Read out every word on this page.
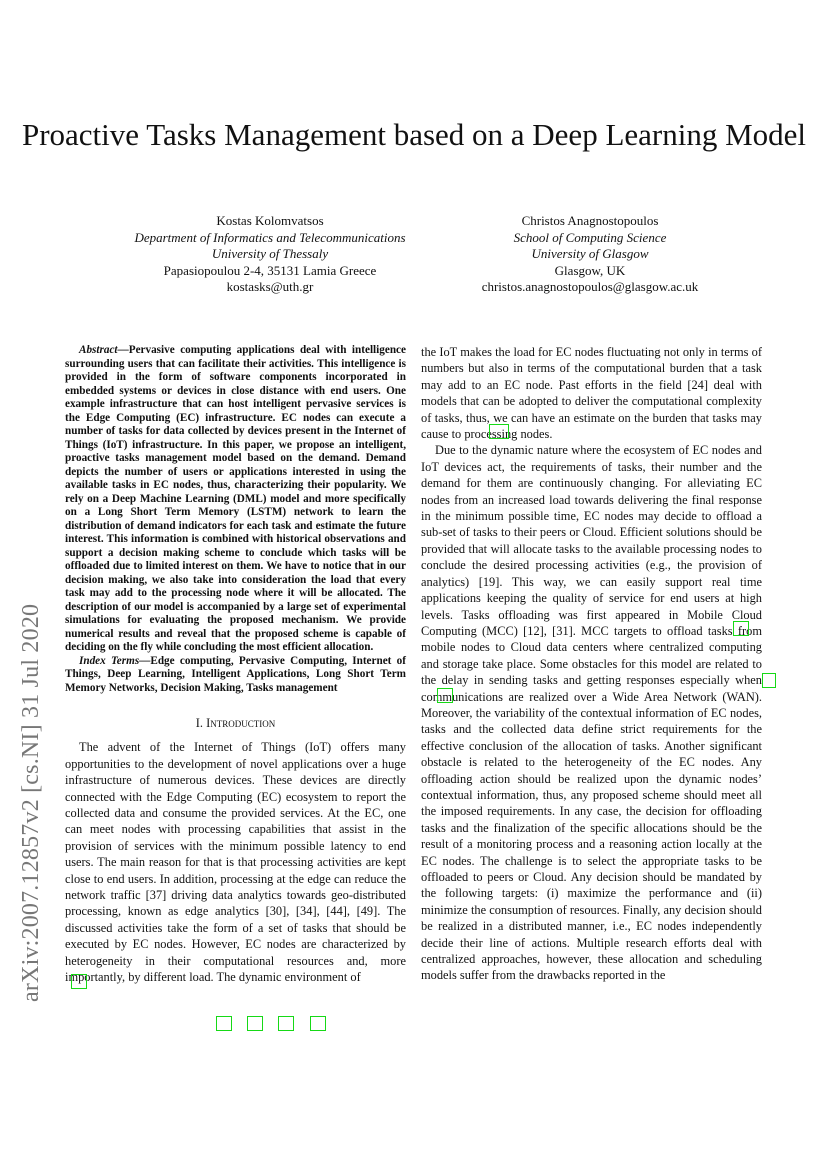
arXiv:2007.12857v2 [cs.NI] 31 Jul 2020
Proactive Tasks Management based on a Deep Learning Model
Kostas Kolomvatsos
Department of Informatics and Telecommunications
University of Thessaly
Papasiopoulou 2-4, 35131 Lamia Greece
kostasks@uth.gr
Christos Anagnostopoulos
School of Computing Science
University of Glasgow
Glasgow, UK
christos.anagnostopoulos@glasgow.ac.uk

Abstract—Pervasive computing applications deal with intelligence surrounding users that can facilitate their activities. This intelligence is provided in the form of software components incorporated in embedded systems or devices in close distance with end users. One example infrastructure that can host intelligent pervasive services is the Edge Computing (EC) infrastructure. EC nodes can execute a number of tasks for data collected by devices present in the Internet of Things (IoT) infrastructure. In this paper, we propose an intelligent, proactive tasks management model based on the demand. Demand depicts the number of users or applications interested in using the available tasks in EC nodes, thus, characterizing their popularity. We rely on a Deep Machine Learning (DML) model and more specifically on a Long Short Term Memory (LSTM) network to learn the distribution of demand indicators for each task and estimate the future interest. This information is combined with historical observations and support a decision making scheme to conclude which tasks will be offloaded due to limited interest on them. We have to notice that in our decision making, we also take into consideration the load that every task may add to the processing node where it will be allocated. The description of our model is accompanied by a large set of experimental simulations for evaluating the proposed mechanism. We provide numerical results and reveal that the proposed scheme is capable of deciding on the fly while concluding the most efficient allocation.

Index Terms—Edge computing, Pervasive Computing, Internet of Things, Deep Learning, Intelligent Applications, Long Short Term Memory Networks, Decision Making, Tasks management

I. Introduction

The advent of the Internet of Things (IoT) offers many opportunities to the development of novel applications over a huge infrastructure of numerous devices. These devices are directly connected with the Edge Computing (EC) ecosystem to report the collected data and consume the provided services. At the EC, one can meet nodes with processing capabilities that assist in the provision of services with the minimum possible latency to end users. The main reason for that is that processing activities are kept close to end users. In addition, processing at the edge can reduce the network traffic [37] driving data analytics towards geo-distributed processing, known as edge analytics [30], [34], [44], [49]. The discussed activities take the form of a set of tasks that should be executed by EC nodes. However, EC nodes are characterized by heterogeneity in their computational resources and, more importantly, by different load. The dynamic environment of

the IoT makes the load for EC nodes fluctuating not only in terms of numbers but also in terms of the computational burden that a task may add to an EC node. Past efforts in the field [24] deal with models that can be adopted to deliver the computational complexity of tasks, thus, we can have an estimate on the burden that tasks may cause to processing nodes.

Due to the dynamic nature where the ecosystem of EC nodes and IoT devices act, the requirements of tasks, their number and the demand for them are continuously changing. For alleviating EC nodes from an increased load towards delivering the final response in the minimum possible time, EC nodes may decide to offload a sub-set of tasks to their peers or Cloud. Efficient solutions should be provided that will allocate tasks to the available processing nodes to conclude the desired processing activities (e.g., the provision of analytics) [19]. This way, we can easily support real time applications keeping the quality of service for end users at high levels. Tasks offloading was first appeared in Mobile Cloud Computing (MCC) [12], [31]. MCC targets to offload tasks from mobile nodes to Cloud data centers where centralized computing and storage take place. Some obstacles for this model are related to the delay in sending tasks and getting responses especially when communications are realized over a Wide Area Network (WAN). Moreover, the variability of the contextual information of EC nodes, tasks and the collected data define strict requirements for the effective conclusion of the allocation of tasks. Another significant obstacle is related to the heterogeneity of the EC nodes. Any offloading action should be realized upon the dynamic nodes’ contextual information, thus, any proposed scheme should meet all the imposed requirements. In any case, the decision for offloading tasks and the finalization of the specific allocations should be the result of a monitoring process and a reasoning action locally at the EC nodes. The challenge is to select the appropriate tasks to be offloaded to peers or Cloud. Any decision should be mandated by the following targets: (i) maximize the performance and (ii) minimize the consumption of resources. Finally, any decision should be realized in a distributed manner, i.e., EC nodes independently decide their line of actions. Multiple research efforts deal with centralized approaches, however, these allocation and scheduling models suffer from the drawbacks reported in the
